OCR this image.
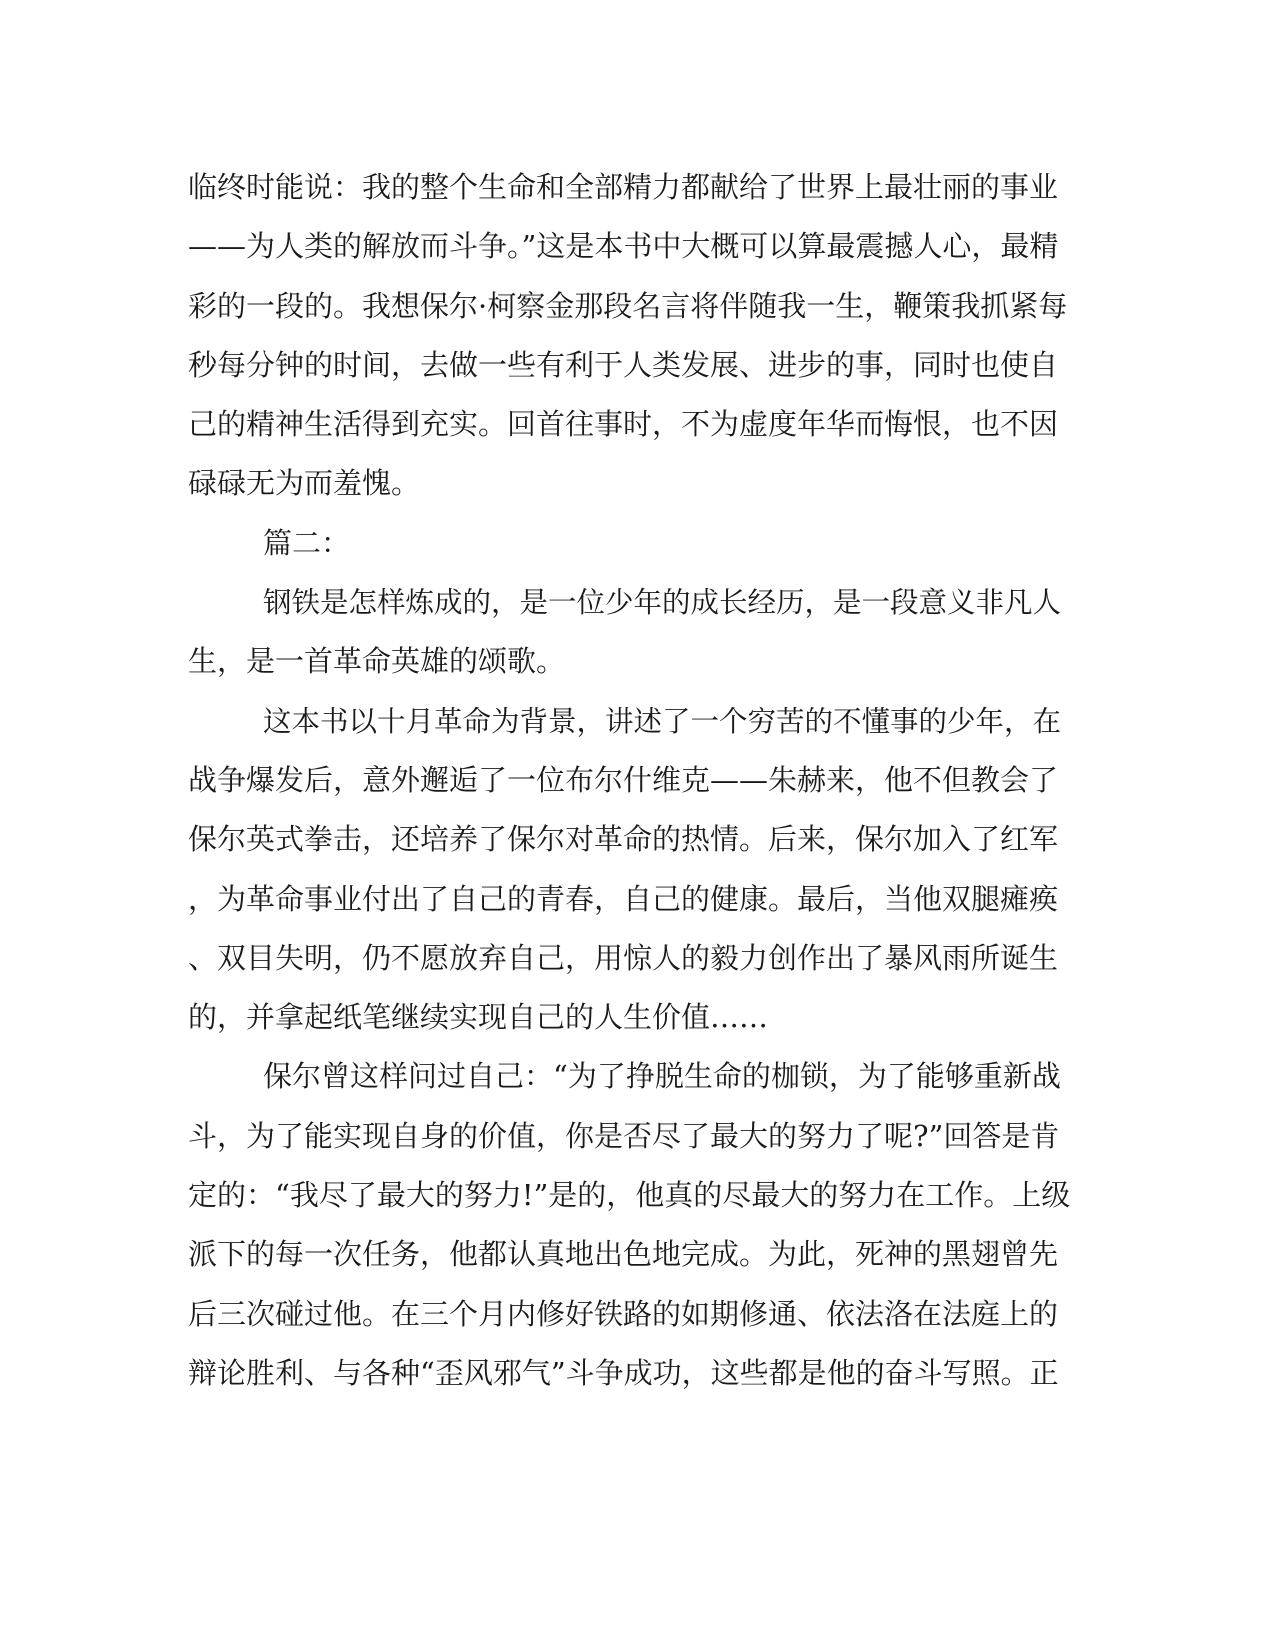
临终时能说：我的整个生命和全部精力都献给了世界上最壮丽的事业
——为人类的解放而斗争。”这是本书中大概可以算最震撼人心，最精
彩的一段的。我想保尔·柯察金那段名言将伴随我一生，鞭策我抓紧每
秒每分钟的时间，去做一些有利于人类发展、进步的事，同时也使自
己的精神生活得到充实。回首往事时，不为虚度年华而悔恨，也不因
碌碌无为而羞愧。
篇二：
钢铁是怎样炼成的，是一位少年的成长经历，是一段意义非凡人
生，是一首革命英雄的颂歌。
这本书以十月革命为背景，讲述了一个穷苦的不懂事的少年，在
战争爆发后，意外邂逅了一位布尔什维克——朱赫来，他不但教会了
保尔英式拳击，还培养了保尔对革命的热情。后来，保尔加入了红军
，为革命事业付出了自己的青春，自己的健康。最后，当他双腿瘫痪
、双目失明，仍不愿放弃自己，用惊人的毅力创作出了暴风雨所诞生
的，并拿起纸笔继续实现自己的人生价值……
保尔曾这样问过自己：“为了挣脱生命的枷锁，为了能够重新战
斗，为了能实现自身的价值，你是否尽了最大的努力了呢?”回答是肯
定的：“我尽了最大的努力!”是的，他真的尽最大的努力在工作。上级
派下的每一次任务，他都认真地出色地完成。为此，死神的黑翅曾先
后三次碰过他。在三个月内修好铁路的如期修通、依法洛在法庭上的
辩论胜利、与各种“歪风邪气”斗争成功，这些都是他的奋斗写照。正
